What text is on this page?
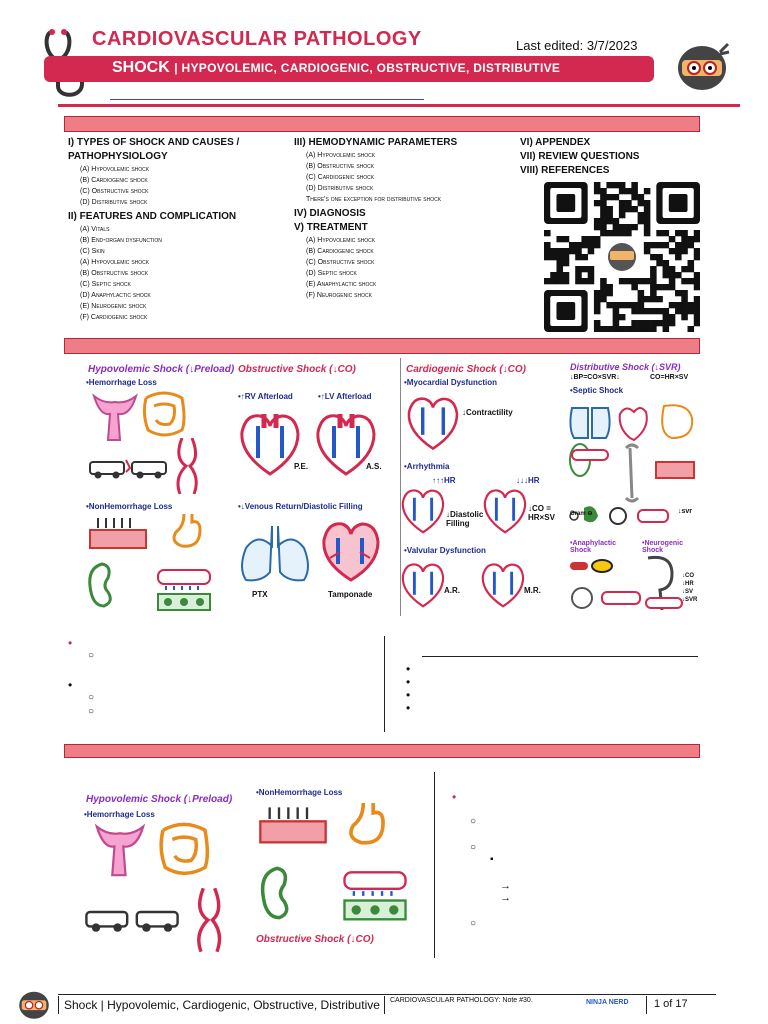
CARDIOVASCULAR PATHOLOGY	Last edited: 3/7/2023
SHOCK | HYPOVOLEMIC, CARDIOGENIC, OBSTRUCTIVE, DISTRIBUTIVE
I) TYPES OF SHOCK AND CAUSES /
PATHOPHYSIOLOGY
(A) Hypovolemic shock
(B) Cardiogenic shock
(C) Obstructive shock
(D) Distributive shock
II) FEATURES AND COMPLICATION
(A) Vitals
(B) End-organ dysfunction
(C) Skin
(A) Hypovolemic shock
(B) Obstructive shock
(C) Septic shock
(D) Anaphylactic shock
(E) Neurogenic shock
(F) Cardiogenic shock
III) HEMODYNAMIC PARAMETERS
(A) Hypovolemic shock
(B) Obstructive shock
(C) Cardiogenic shock
(D) Distributive shock
There's one exception for distributive shock
IV) DIAGNOSIS
V) TREATMENT
(A) Hypovolemic shock
(B) Cardiogenic shock
(C) Obstructive shock
(D) Septic shock
(E) Anaphylactic shock
(F) Neurogenic shock
VI) APPENDEX
VII) REVIEW QUESTIONS
VIII) REFERENCES
Hypovolemic Shock (↓Preload)
•Hemorrhage Loss
•NonHemorrhage Loss
Obstructive Shock (↓CO)
•↑RV Afterload	•↑LV Afterload
P.E.	A.S.
•↓Venous Return/Diastolic Filling
PTX	Tamponade
Cardiogenic Shock (↓CO)
•Myocardial Dysfunction
↓Contractility
•Arrhythmia
↑↑↑HR	↓↓↓HR
↓Diastolic Filling
↓CO = HR×SV
•Valvular Dysfunction
A.R.	M.R.
Distributive Shock (↓SVR)
↓BP=CO×SVR↓	CO=HR×SV
•Septic Shock
Gram ⊖	↓svr
•Anaphylactic Shock
•Neurogenic Shock
↓CO ↓HR ↓SV ↓SVR
•
○
•
○
○
•
•
•
•
Hypovolemic Shock (↓Preload)
•Hemorrhage Loss
•NonHemorrhage Loss
Obstructive Shock (↓CO)
•
○
○
▪
→
→
○
Shock | Hypovolemic, Cardiogenic, Obstructive, Distributive CARDIOVASCULAR PATHOLOGY: Note #30.	NINJA NERD 1 of 17
